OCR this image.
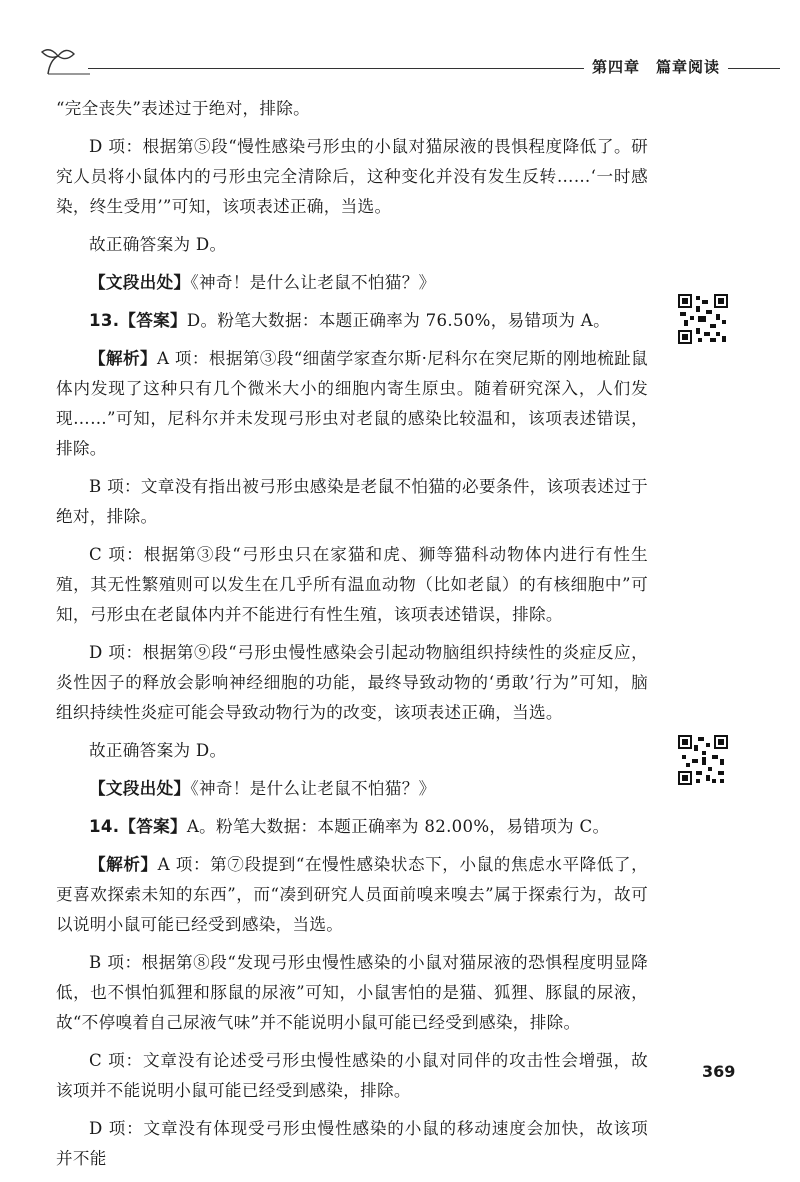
第四章　篇章阅读

“完全丧失”表述过于绝对，排除。

D 项：根据第⑤段“慢性感染弓形虫的小鼠对猫尿液的畏惧程度降低了。研究人员将小鼠体内的弓形虫完全清除后，这种变化并没有发生反转……‘一时感染，终生受用’”可知，该项表述正确，当选。

故正确答案为 D。

【文段出处】《神奇！是什么让老鼠不怕猫？》

13.【答案】D。粉笔大数据：本题正确率为 76.50%，易错项为 A。

【解析】A 项：根据第③段“细菌学家查尔斯·尼科尔在突尼斯的刚地梳趾鼠体内发现了这种只有几个微米大小的细胞内寄生原虫。随着研究深入，人们发现……”可知，尼科尔并未发现弓形虫对老鼠的感染比较温和，该项表述错误，排除。

B 项：文章没有指出被弓形虫感染是老鼠不怕猫的必要条件，该项表述过于绝对，排除。

C 项：根据第③段“弓形虫只在家猫和虎、狮等猫科动物体内进行有性生殖，其无性繁殖则可以发生在几乎所有温血动物（比如老鼠）的有核细胞中”可知，弓形虫在老鼠体内并不能进行有性生殖，该项表述错误，排除。

D 项：根据第⑨段“弓形虫慢性感染会引起动物脑组织持续性的炎症反应，炎性因子的释放会影响神经细胞的功能，最终导致动物的‘勇敢’行为”可知，脑组织持续性炎症可能会导致动物行为的改变，该项表述正确，当选。

故正确答案为 D。

【文段出处】《神奇！是什么让老鼠不怕猫？》

14.【答案】A。粉笔大数据：本题正确率为 82.00%，易错项为 C。

【解析】A 项：第⑦段提到“在慢性感染状态下，小鼠的焦虑水平降低了，更喜欢探索未知的东西”，而“凑到研究人员面前嗅来嗅去”属于探索行为，故可以说明小鼠可能已经受到感染，当选。

B 项：根据第⑧段“发现弓形虫慢性感染的小鼠对猫尿液的恐惧程度明显降低，也不惧怕狐狸和豚鼠的尿液”可知，小鼠害怕的是猫、狐狸、豚鼠的尿液，故“不停嗅着自己尿液气味”并不能说明小鼠可能已经受到感染，排除。

C 项：文章没有论述受弓形虫慢性感染的小鼠对同伴的攻击性会增强，故该项并不能说明小鼠可能已经受到感染，排除。

D 项：文章没有体现受弓形虫慢性感染的小鼠的移动速度会加快，故该项并不能

369
